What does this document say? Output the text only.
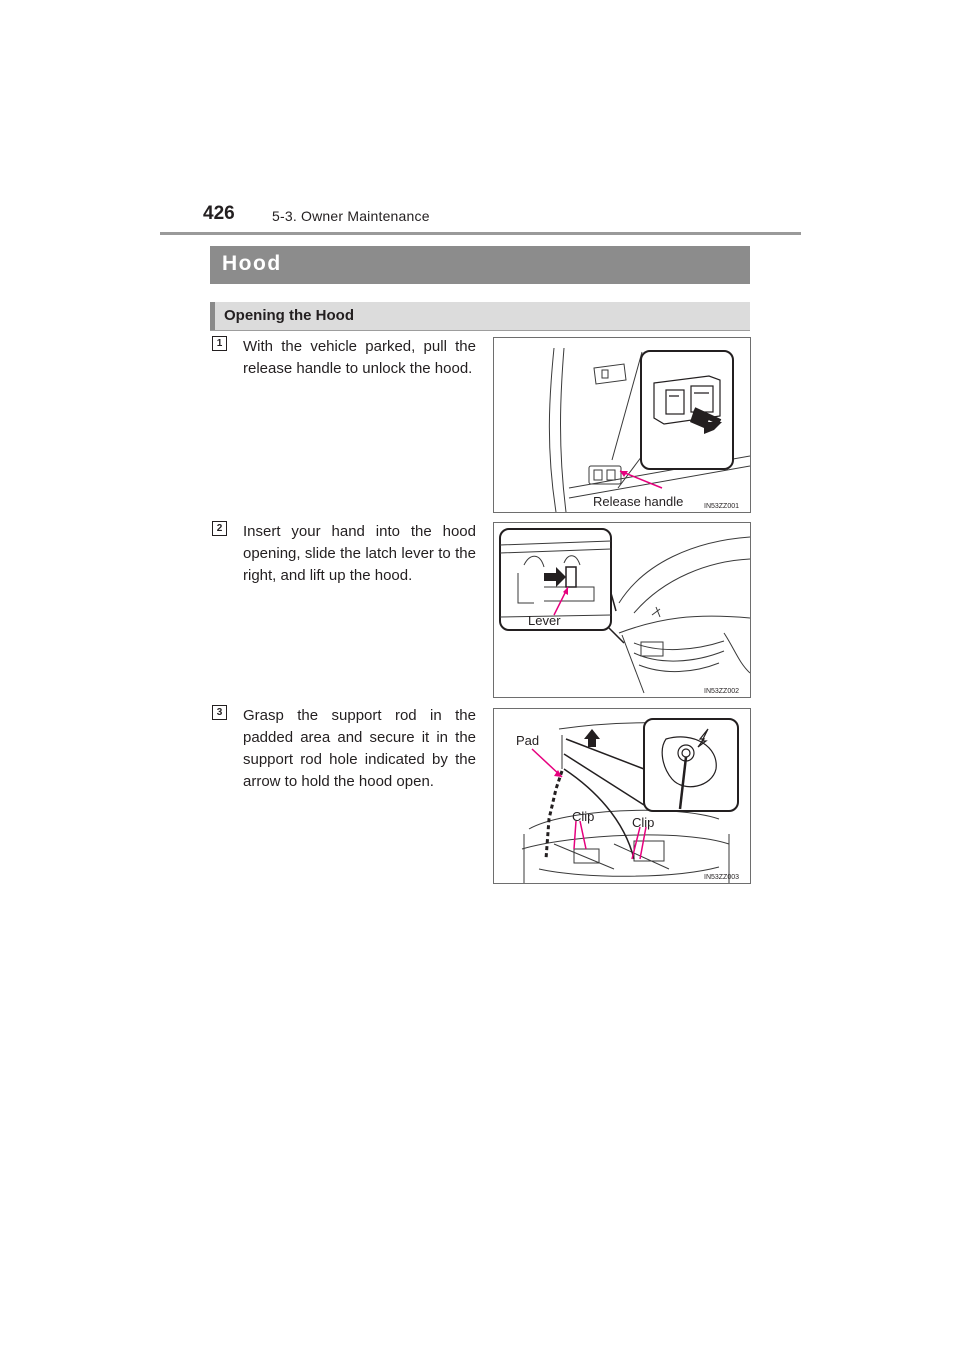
426	5-3. Owner Maintenance
Hood
Opening the Hood
1	With the vehicle parked, pull the release handle to unlock the hood.
Release handle	IN53ZZ001
2	Insert your hand into the hood opening, slide the latch lever to the right, and lift up the hood.
Lever
IN53ZZ002
3	Grasp the support rod in the padded area and secure it in the support rod hole indicated by the arrow to hold the hood open.
Pad
Clip	Clip
IN53ZZ003
